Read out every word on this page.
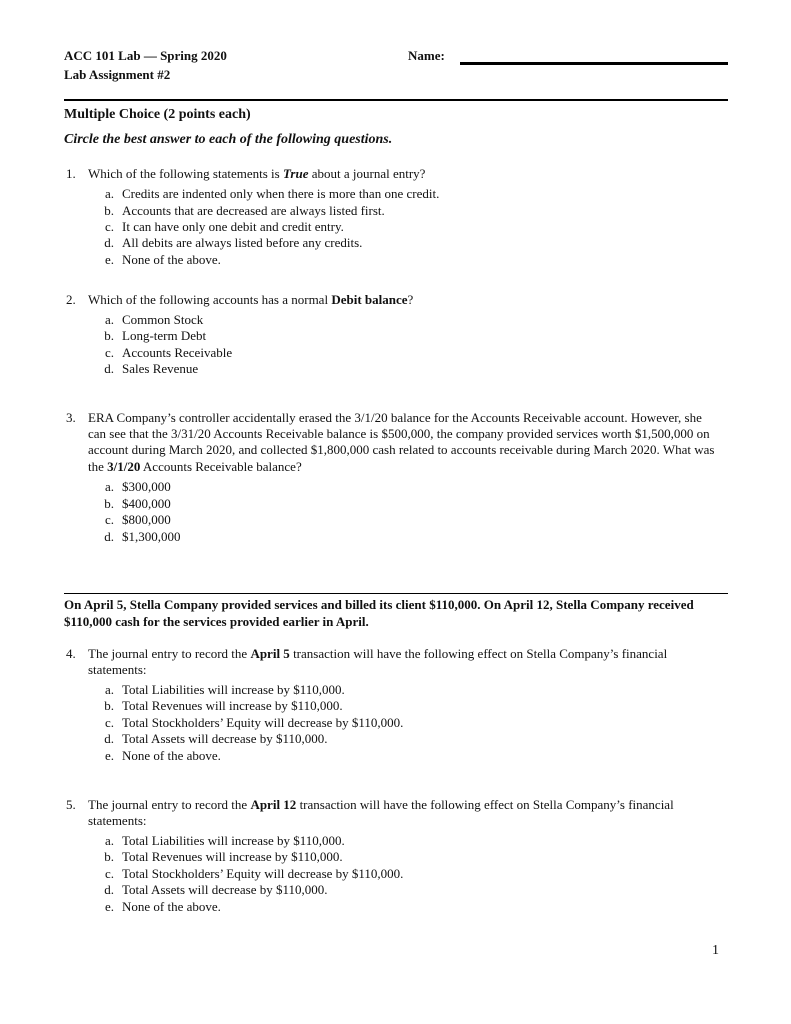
ACC 101 Lab — Spring 2020
Lab Assignment #2
Name:
Multiple Choice (2 points each)
Circle the best answer to each of the following questions.
1. Which of the following statements is True about a journal entry?
a. Credits are indented only when there is more than one credit.
b. Accounts that are decreased are always listed first.
c. It can have only one debit and credit entry.
d. All debits are always listed before any credits.
e. None of the above.
2. Which of the following accounts has a normal Debit balance?
a. Common Stock
b. Long-term Debt
c. Accounts Receivable
d. Sales Revenue
3. ERA Company’s controller accidentally erased the 3/1/20 balance for the Accounts Receivable account. However, she can see that the 3/31/20 Accounts Receivable balance is $500,000, the company provided services worth $1,500,000 on account during March 2020, and collected $1,800,000 cash related to accounts receivable during March 2020. What was the 3/1/20 Accounts Receivable balance?
a. $300,000
b. $400,000
c. $800,000
d. $1,300,000
On April 5, Stella Company provided services and billed its client $110,000. On April 12, Stella Company received $110,000 cash for the services provided earlier in April.
4. The journal entry to record the April 5 transaction will have the following effect on Stella Company’s financial statements:
a. Total Liabilities will increase by $110,000.
b. Total Revenues will increase by $110,000.
c. Total Stockholders’ Equity will decrease by $110,000.
d. Total Assets will decrease by $110,000.
e. None of the above.
5. The journal entry to record the April 12 transaction will have the following effect on Stella Company’s financial statements:
a. Total Liabilities will increase by $110,000.
b. Total Revenues will increase by $110,000.
c. Total Stockholders’ Equity will decrease by $110,000.
d. Total Assets will decrease by $110,000.
e. None of the above.
1
